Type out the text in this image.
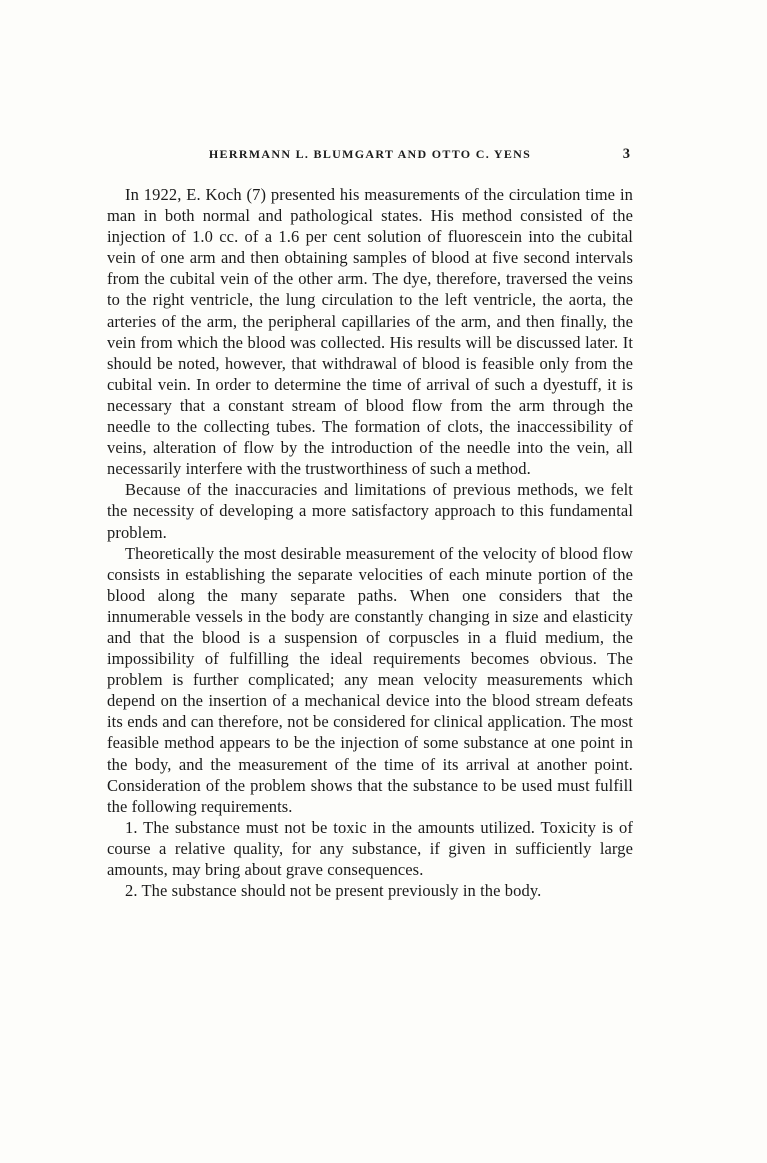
HERRMANN L. BLUMGART AND OTTO C. YENS	3

In 1922, E. Koch (7) presented his measurements of the circulation time in man in both normal and pathological states. His method consisted of the injection of 1.0 cc. of a 1.6 per cent solution of fluorescein into the cubital vein of one arm and then obtaining samples of blood at five second intervals from the cubital vein of the other arm. The dye, therefore, traversed the veins to the right ventricle, the lung circulation to the left ventricle, the aorta, the arteries of the arm, the peripheral capillaries of the arm, and then finally, the vein from which the blood was collected. His results will be discussed later. It should be noted, however, that withdrawal of blood is feasible only from the cubital vein. In order to determine the time of arrival of such a dyestuff, it is necessary that a constant stream of blood flow from the arm through the needle to the collecting tubes. The formation of clots, the inaccessibility of veins, alteration of flow by the introduction of the needle into the vein, all necessarily interfere with the trustworthiness of such a method.

Because of the inaccuracies and limitations of previous methods, we felt the necessity of developing a more satisfactory approach to this fundamental problem.

Theoretically the most desirable measurement of the velocity of blood flow consists in establishing the separate velocities of each minute portion of the blood along the many separate paths. When one considers that the innumerable vessels in the body are constantly changing in size and elasticity and that the blood is a suspension of corpuscles in a fluid medium, the impossibility of fulfilling the ideal requirements becomes obvious. The problem is further complicated; any mean velocity measurements which depend on the insertion of a mechanical device into the blood stream defeats its ends and can therefore, not be considered for clinical application. The most feasible method appears to be the injection of some substance at one point in the body, and the measurement of the time of its arrival at another point. Consideration of the problem shows that the substance to be used must fulfill the following requirements.

1. The substance must not be toxic in the amounts utilized. Toxicity is of course a relative quality, for any substance, if given in sufficiently large amounts, may bring about grave consequences.

2. The substance should not be present previously in the body.
